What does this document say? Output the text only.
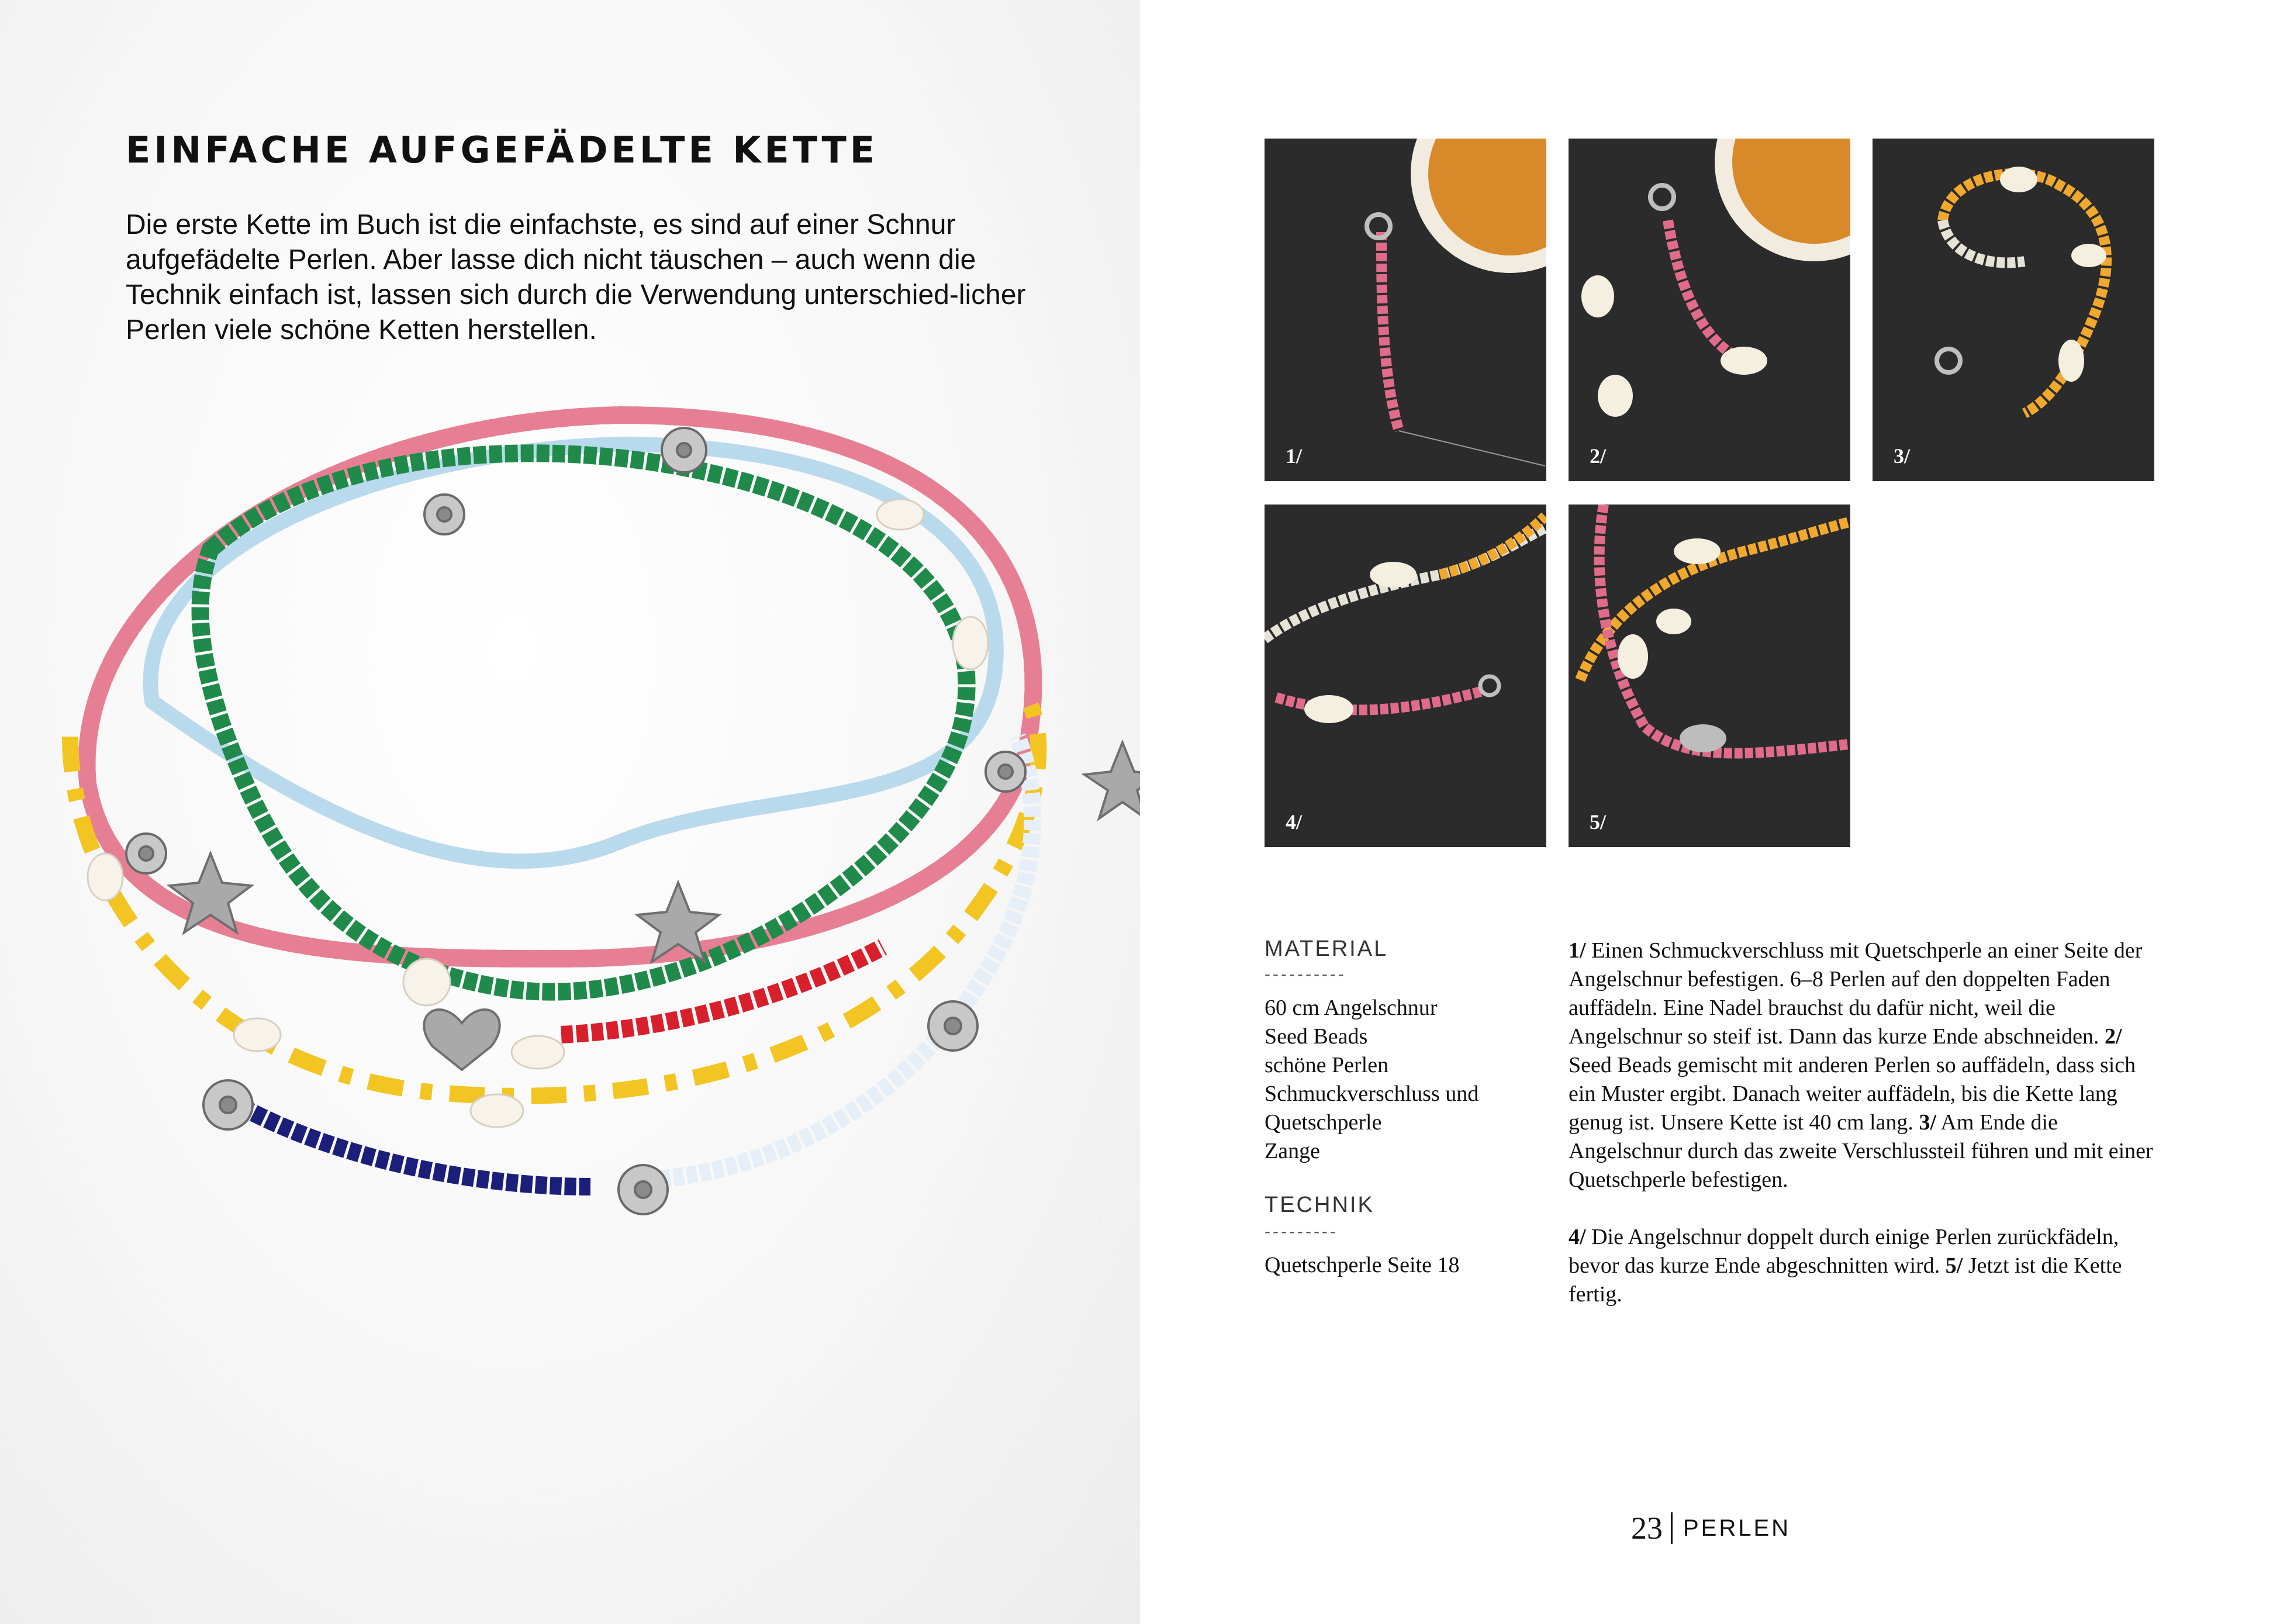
EINFACHE AUFGEFÄDELTE KETTE

Die erste Kette im Buch ist die einfachste, es sind auf einer Schnur aufgefädelte Perlen. Aber lasse dich nicht täuschen – auch wenn die Technik einfach ist, lassen sich durch die Verwendung unterschied-licher Perlen viele schöne Ketten herstellen.

1/	2/	3/
4/	5/

MATERIAL

----------

60 cm Angelschnur
Seed Beads
schöne Perlen
Schmuckverschluss und
Quetschperle
Zange

TECHNIK

---------

Quetschperle Seite 18

1/ Einen Schmuckverschluss mit Quetschperle an einer Seite der Angelschnur befestigen. 6–8 Perlen auf den doppelten Faden auffädeln. Eine Nadel brauchst du dafür nicht, weil die Angelschnur so steif ist. Dann das kurze Ende abschneiden. 2/ Seed Beads gemischt mit anderen Perlen so auffädeln, dass sich ein Muster ergibt. Danach weiter auffädeln, bis die Kette lang genug ist. Unsere Kette ist 40 cm lang. 3/ Am Ende die Angelschnur durch das zweite Verschlussteil führen und mit einer Quetschperle befestigen.

4/ Die Angelschnur doppelt durch einige Perlen zurückfädeln, bevor das kurze Ende abgeschnitten wird. 5/ Jetzt ist die Kette fertig.

23 PERLEN
